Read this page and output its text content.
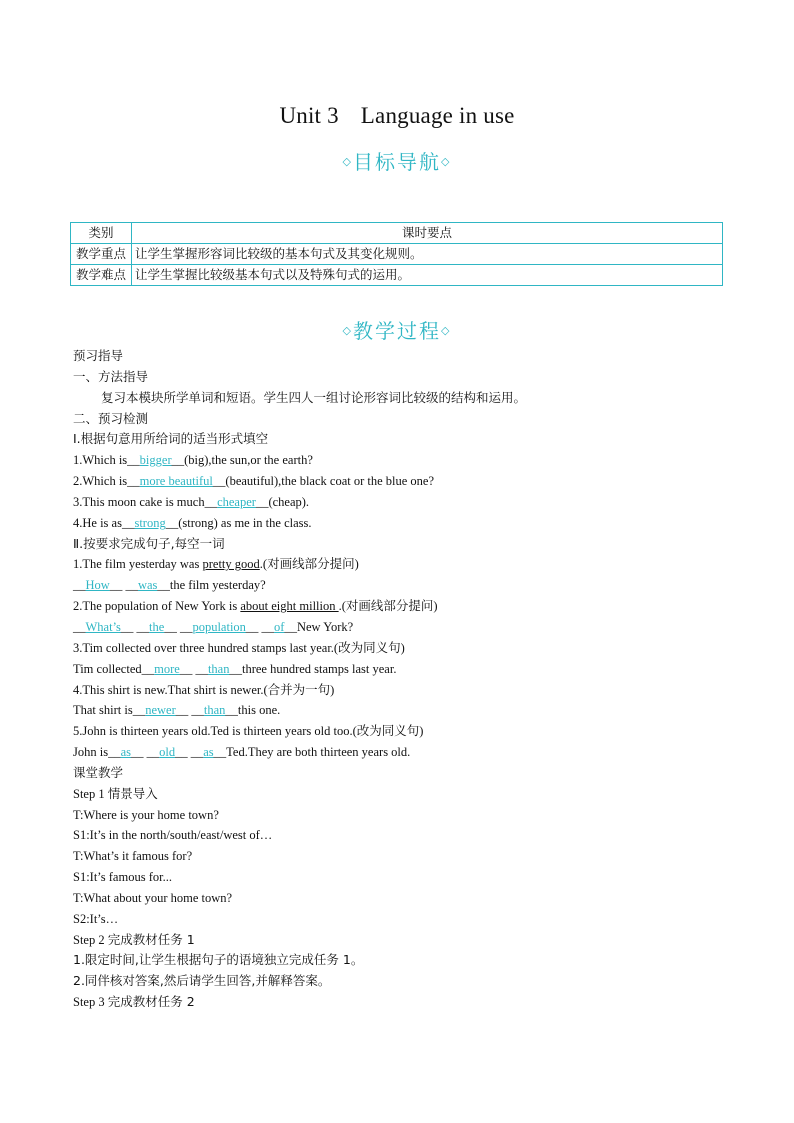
Unit 3 Language in use
◇目标导航◇
类别	课时要点
教学重点	让学生掌握形容词比较级的基本句式及其变化规则。
教学难点	让学生掌握比较级基本句式以及特殊句式的运用。
◇教学过程◇
预习指导
一、方法指导
复习本模块所学单词和短语。学生四人一组讨论形容词比较级的结构和运用。
二、预习检测
Ⅰ.根据句意用所给词的适当形式填空
1.Which is__bigger__(big),the sun,or the earth?
2.Which is__more beautiful__(beautiful),the black coat or the blue one?
3.This moon cake is much__cheaper__(cheap).
4.He is as__strong__(strong) as me in the class.
Ⅱ.按要求完成句子,每空一词
1.The film yesterday was pretty good.(对画线部分提问)
__How__ __was__the film yesterday?
2.The population of New York is about eight million .(对画线部分提问)
__What’s__ __the__ __population__ __of__New York?
3.Tim collected over three hundred stamps last year.(改为同义句)
Tim collected__more__ __than__three hundred stamps last year.
4.This shirt is new.That shirt is newer.(合并为一句)
That shirt is__newer__ __than__this one.
5.John is thirteen years old.Ted is thirteen years old too.(改为同义句)
John is__as__ __old__ __as__Ted.They are both thirteen years old.
课堂教学
Step 1 情景导入
T:Where is your home town?
S1:It’s in the north/south/east/west of…
T:What’s it famous for?
S1:It’s famous for...
T:What about your home town?
S2:It’s…
Step 2 完成教材任务 1
1.限定时间,让学生根据句子的语境独立完成任务 1。
2.同伴核对答案,然后请学生回答,并解释答案。
Step 3 完成教材任务 2
